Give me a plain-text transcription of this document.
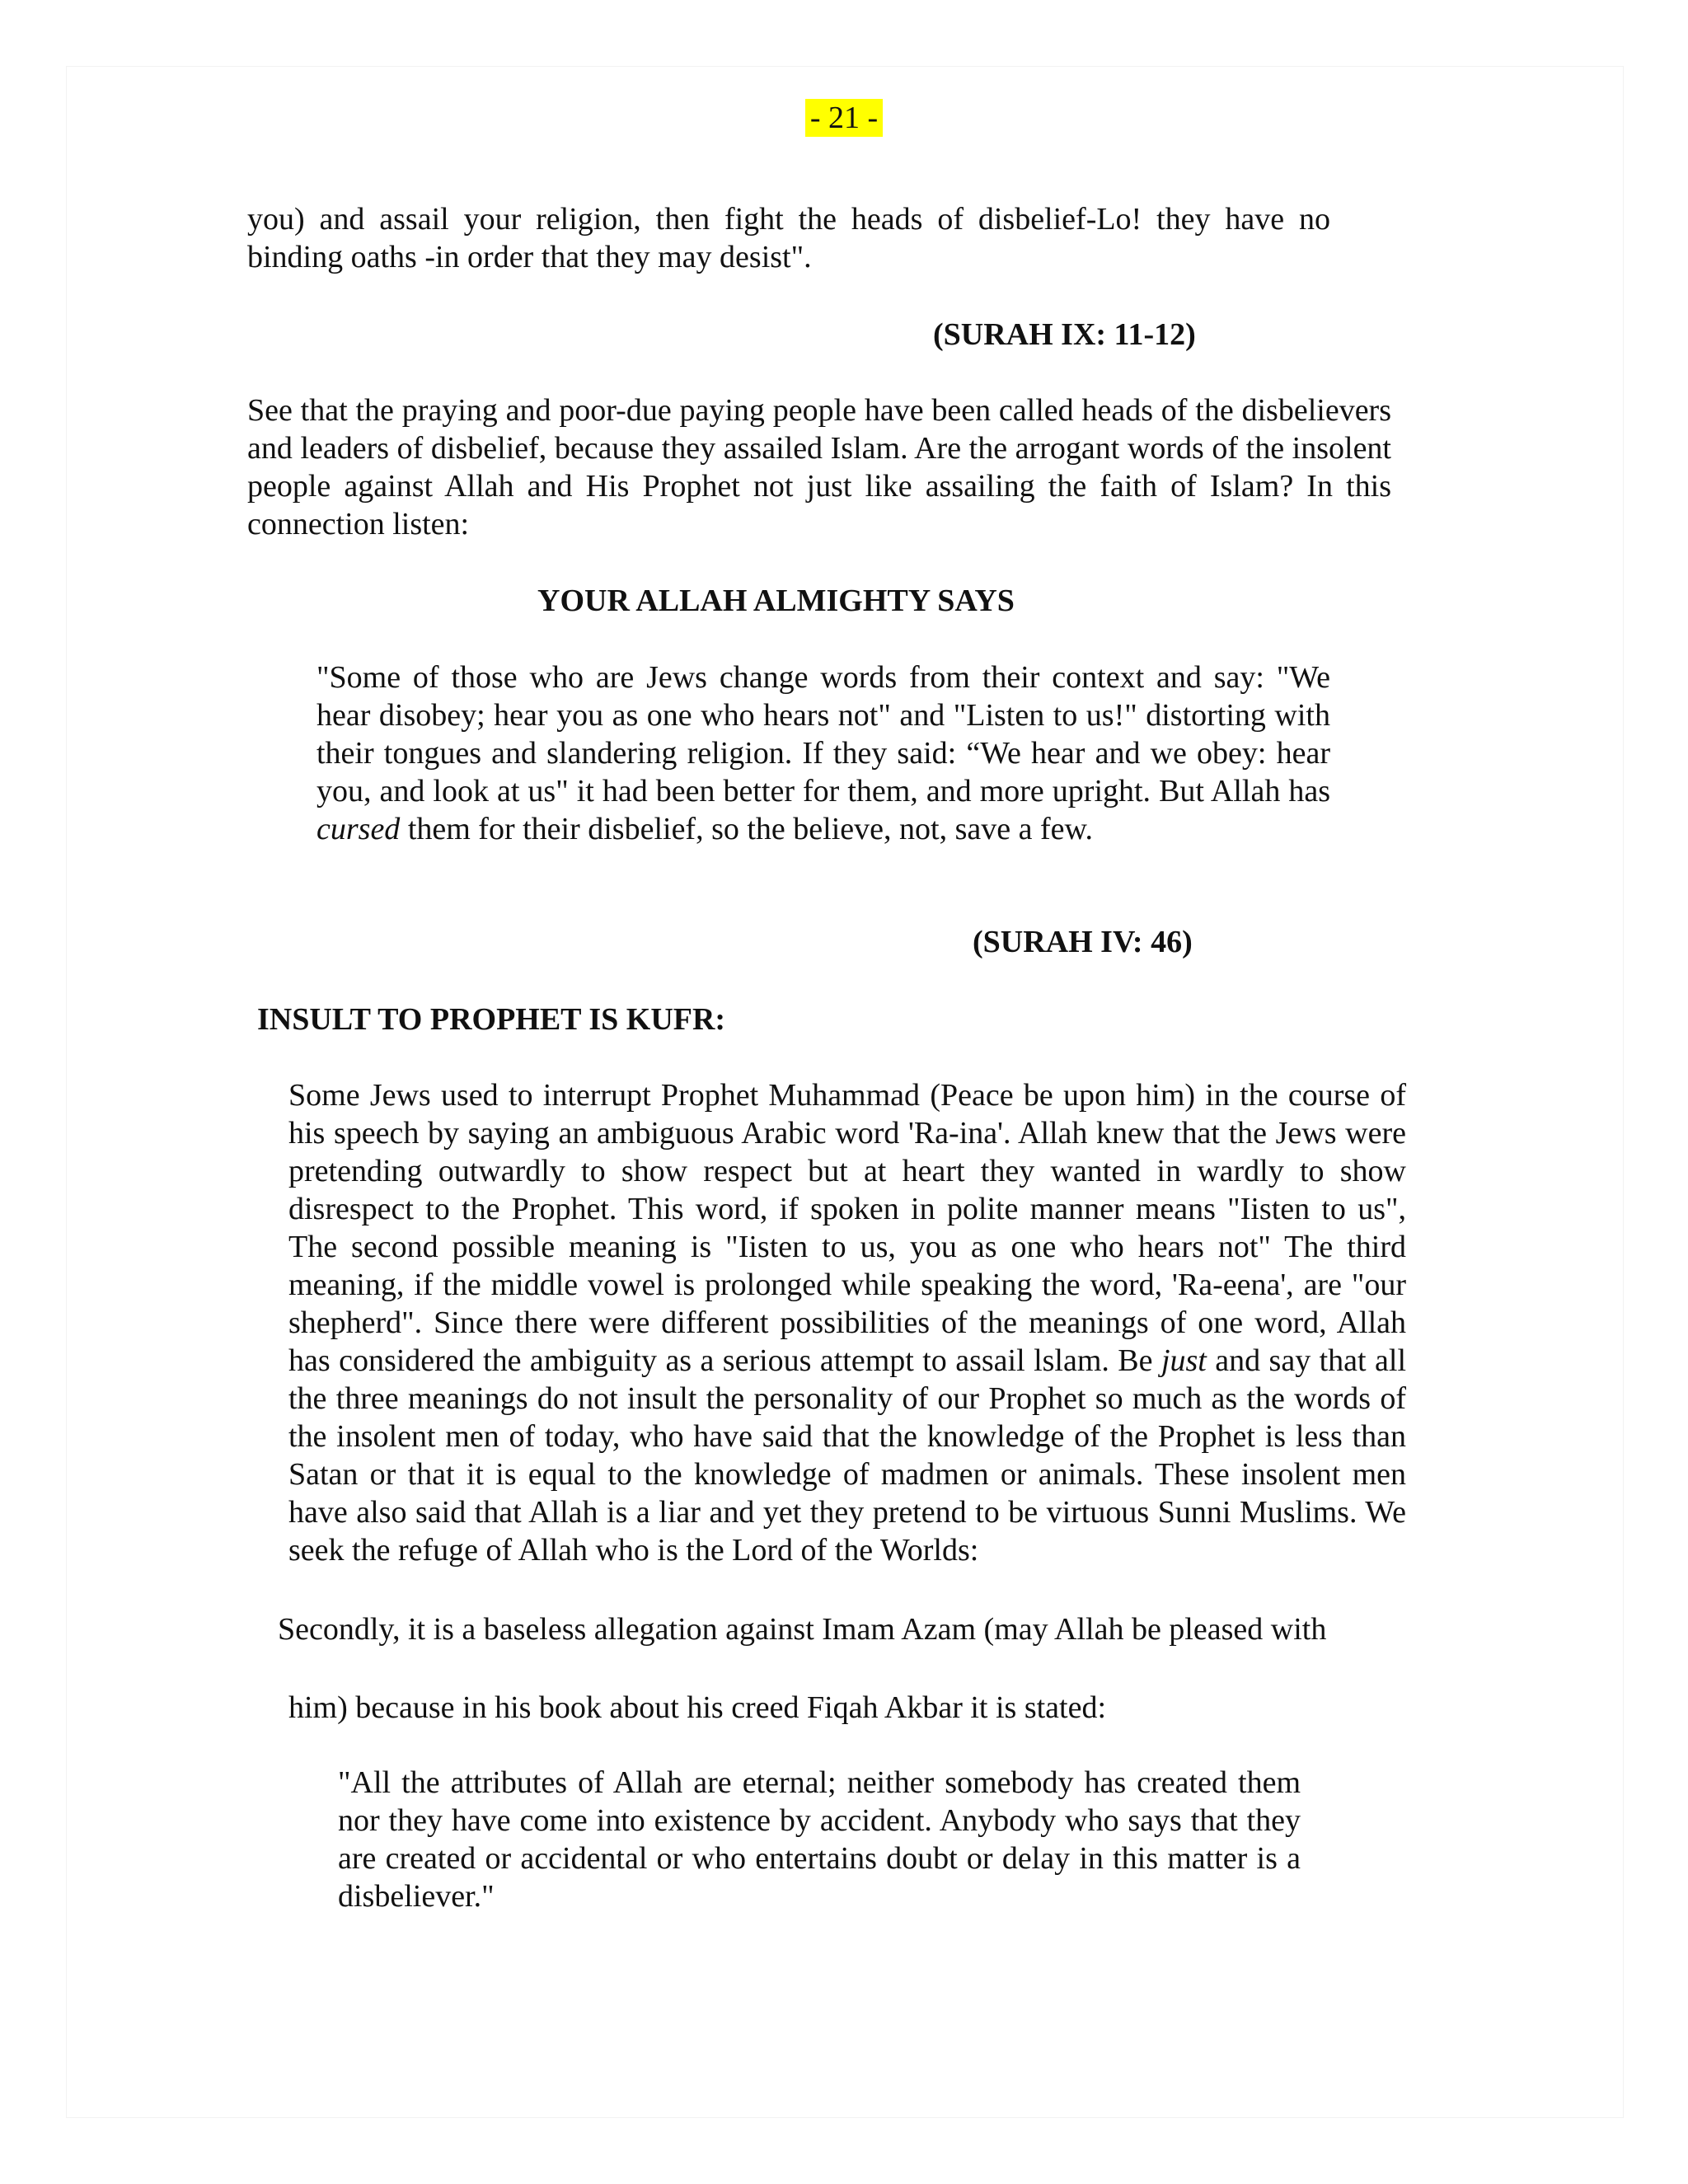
- 21 -

you) and assail your religion, then fight the heads of disbelief-Lo! they have no binding oaths -in order that they may desist".

(SURAH IX: 11-12)

See that the praying and poor-due paying people have been called heads of the disbelievers and leaders of disbelief, because they assailed Islam. Are the arrogant words of the insolent people against Allah and His Prophet not just like assailing the faith of Islam? In this connection listen:

YOUR ALLAH ALMIGHTY SAYS

"Some of those who are Jews change words from their context and say: "We hear disobey; hear you as one who hears not" and "Listen to us!" distorting with their tongues and slandering religion. If they said: “We hear and we obey: hear you, and look at us" it had been better for them, and more upright. But Allah has cursed them for their disbelief, so the believe, not, save a few.

(SURAH IV: 46)
INSULT TO PROPHET IS KUFR:

Some Jews used to interrupt Prophet Muhammad (Peace be upon him) in the course of his speech by saying an ambiguous Arabic word 'Ra-ina'. Allah knew that the Jews were pretending outwardly to show respect but at heart they wanted in wardly to show disrespect to the Prophet. This word, if spoken in polite manner means "Iisten to us", The second possible meaning is "Iisten to us, you as one who hears not" The third meaning, if the middle vowel is prolonged while speaking the word, 'Ra-eena', are "our shepherd". Since there were different possibilities of the meanings of one word, Allah has considered the ambiguity as a serious attempt to assail lslam. Be just and say that all the three meanings do not insult the personality of our Prophet so much as the words of the insolent men of today, who have said that the knowledge of the Prophet is less than Satan or that it is equal to the knowledge of madmen or animals. These insolent men have also said that Allah is a liar and yet they pretend to be virtuous Sunni Muslims. We seek the refuge of Allah who is the Lord of the Worlds:

Secondly, it is a baseless allegation against Imam Azam (may Allah be pleased with
him) because in his book about his creed Fiqah Akbar it is stated:

"All the attributes of Allah are eternal; neither somebody has created them nor they have come into existence by accident. Anybody who says that they are created or accidental or who entertains doubt or delay in this matter is a disbeliever."
